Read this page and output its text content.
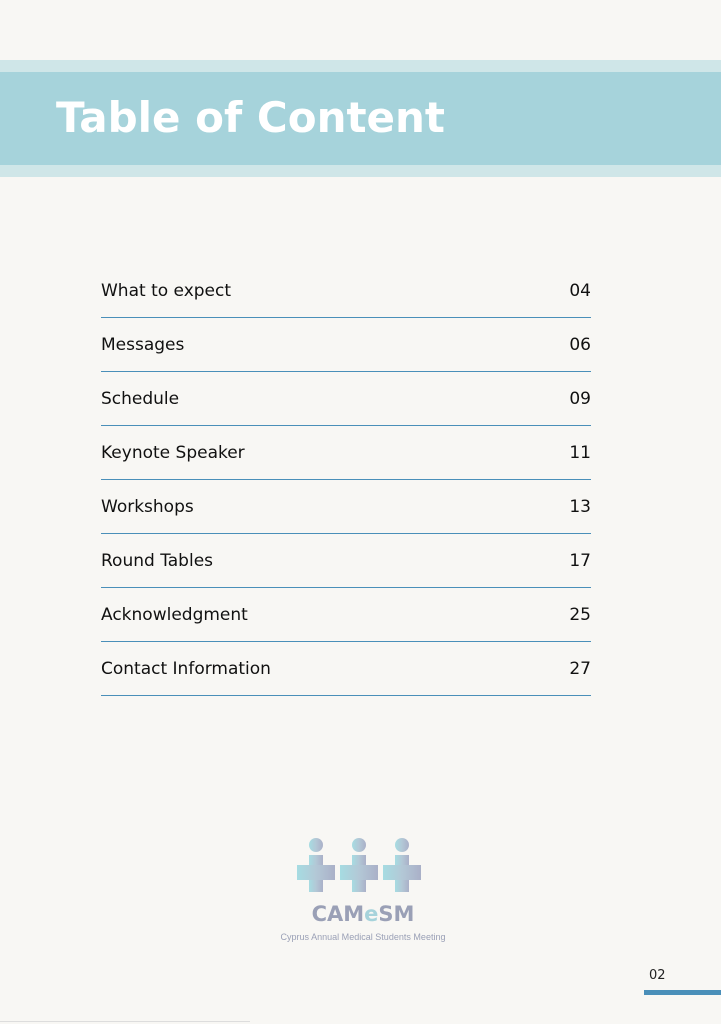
Table of Content
What to expect	04
Messages	06
Schedule	09
Keynote Speaker	11
Workshops	13
Round Tables	17
Acknowledgment	25
Contact Information	27
CAMeSM
Cyprus Annual Medical Students Meeting
02
